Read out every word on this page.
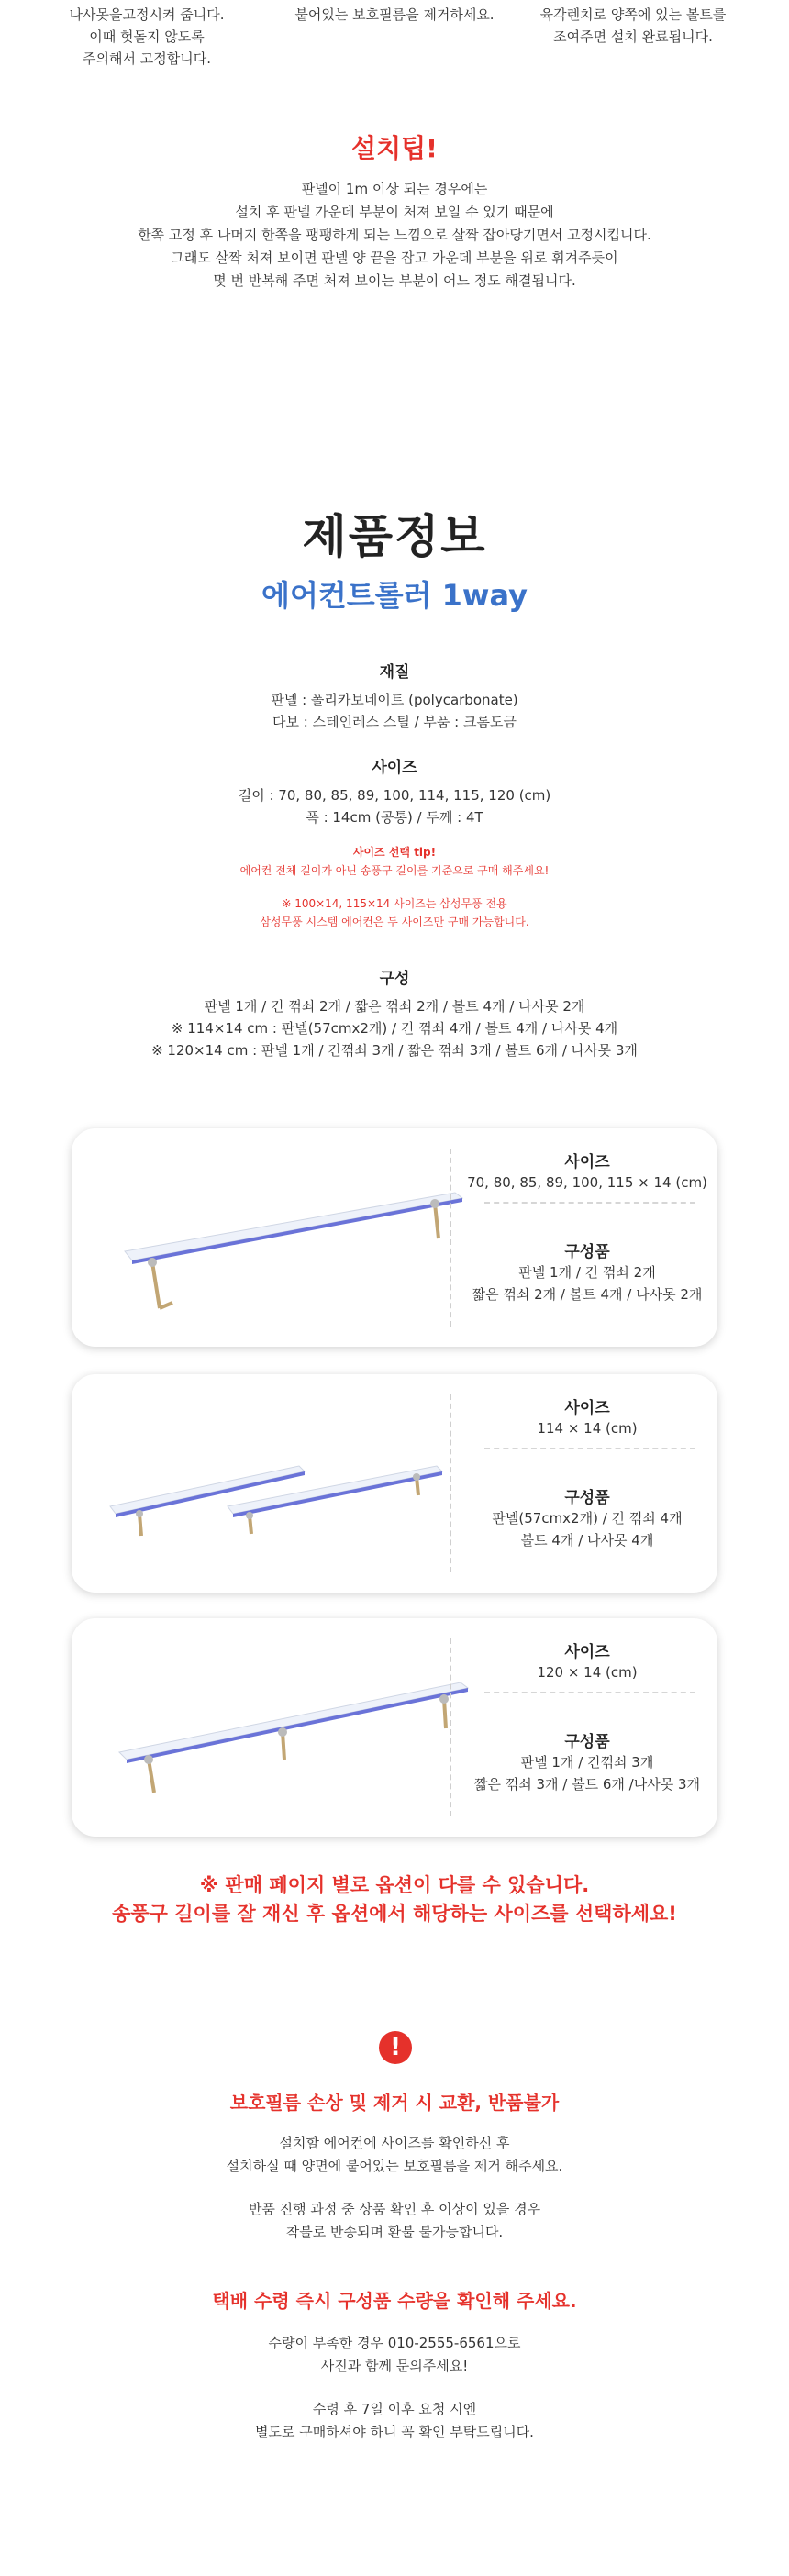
나사못을고정시켜 줍니다.
이때 헛돌지 않도록
주의해서 고정합니다.
붙어있는 보호필름을 제거하세요.	육각렌치로 양쪽에 있는 볼트를
조여주면 설치 완료됩니다.
설치팁!
판넬이 1m 이상 되는 경우에는
설치 후 판넬 가운데 부분이 처져 보일 수 있기 때문에
한쪽 고정 후 나머지 한쪽을 팽팽하게 되는 느낌으로 살짝 잡아당기면서 고정시킵니다.
그래도 살짝 처져 보이면 판넬 양 끝을 잡고 가운데 부분을 위로 휘겨주듯이
몇 번 반복해 주면 처져 보이는 부분이 어느 정도 해결됩니다.
제품정보
에어컨트롤러 1way
재질
판넬 : 폴리카보네이트 (polycarbonate)
다보 : 스테인레스 스틸 / 부품 : 크롬도금
사이즈
길이 : 70, 80, 85, 89, 100, 114, 115, 120 (cm)
폭 : 14cm (공통) / 두께 : 4T
사이즈 선택 tip!
에어컨 전체 길이가 아닌 송풍구 길이를 기준으로 구매 해주세요!
※ 100×14, 115×14 사이즈는 삼성무풍 전용
삼성무풍 시스템 에어컨은 두 사이즈만 구매 가능합니다.
구성
판넬 1개 / 긴 꺾쇠 2개 / 짧은 꺾쇠 2개 / 볼트 4개 / 나사못 2개
※ 114×14 cm : 판넬(57cmx2개) / 긴 꺾쇠 4개 / 볼트 4개 / 나사못 4개
※ 120×14 cm : 판넬 1개 / 긴꺾쇠 3개 / 짧은 꺾쇠 3개 / 볼트 6개 / 나사못 3개
사이즈
70, 80, 85, 89, 100, 115 × 14 (cm)
구성품
판넬 1개 / 긴 꺾쇠 2개
짧은 꺾쇠 2개 / 볼트 4개 / 나사못 2개
사이즈
114 × 14 (cm)
구성품
판넬(57cmx2개) / 긴 꺾쇠 4개
볼트 4개 / 나사못 4개
사이즈
120 × 14 (cm)
구성품
판넬 1개 / 긴꺾쇠 3개
짧은 꺾쇠 3개 / 볼트 6개 /나사못 3개
※ 판매 페이지 별로 옵션이 다를 수 있습니다.
송풍구 길이를 잘 재신 후 옵션에서 해당하는 사이즈를 선택하세요!
!
보호필름 손상 및 제거 시 교환, 반품불가
설치할 에어컨에 사이즈를 확인하신 후
설치하실 때 양면에 붙어있는 보호필름을 제거 해주세요.
반품 진행 과정 중 상품 확인 후 이상이 있을 경우
착불로 반송되며 환불 불가능합니다.
택배 수령 즉시 구성품 수량을 확인해 주세요.
수량이 부족한 경우 010-2555-6561으로
사진과 함께 문의주세요!
수령 후 7일 이후 요청 시엔
별도로 구매하셔야 하니 꼭 확인 부탁드립니다.
